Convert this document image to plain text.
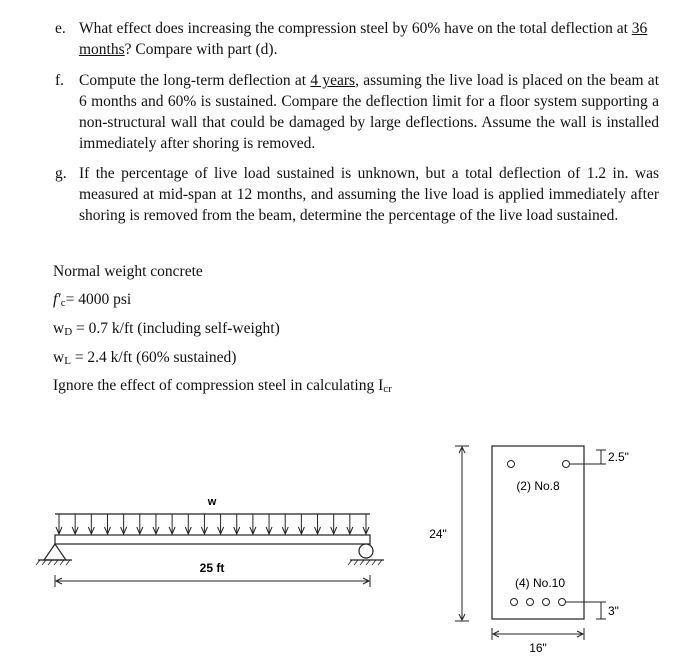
e. What effect does increasing the compression steel by 60% have on the total deflection at 36
months? Compare with part (d).
f. Compute the long-term deflection at 4 years, assuming the live load is placed on the beam at 6 months and 60% is sustained. Compare the deflection limit for a floor system supporting a non-structural wall that could be damaged by large deflections. Assume the wall is installed immediately after shoring is removed.
g. If the percentage of live load sustained is unknown, but a total deflection of 1.2 in. was measured at mid-span at 12 months, and assuming the live load is applied immediately after shoring is removed from the beam, determine the percentage of the live load sustained.
Normal weight concrete
f′c= 4000 psi
wD = 0.7 k/ft (including self-weight)
wL = 2.4 k/ft (60% sustained)
Ignore the effect of compression steel in calculating Icr
w
25 ft
24"
(2) No.8
2.5"
(4) No.10
3"
16"
